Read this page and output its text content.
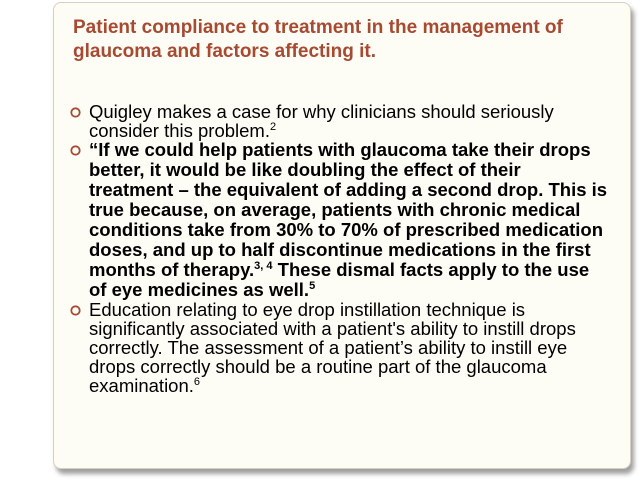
Patient compliance to treatment in the management of glaucoma and factors affecting it.
Quigley makes a case for why clinicians should seriously consider this problem.$^2$
“If we could help patients with glaucoma take their drops better, it would be like doubling the effect of their treatment – the equivalent of adding a second drop. This is true because, on average, patients with chronic medical conditions take from 30% to 70% of prescribed medication doses, and up to half discontinue medications in the first months of therapy.$^{3, 4}$ These dismal facts apply to the use of eye medicines as well.$^5$
Education relating to eye drop instillation technique is significantly associated with a patient's ability to instill drops correctly. The assessment of a patient’s ability to instill eye drops correctly should be a routine part of the glaucoma examination.$^6$
